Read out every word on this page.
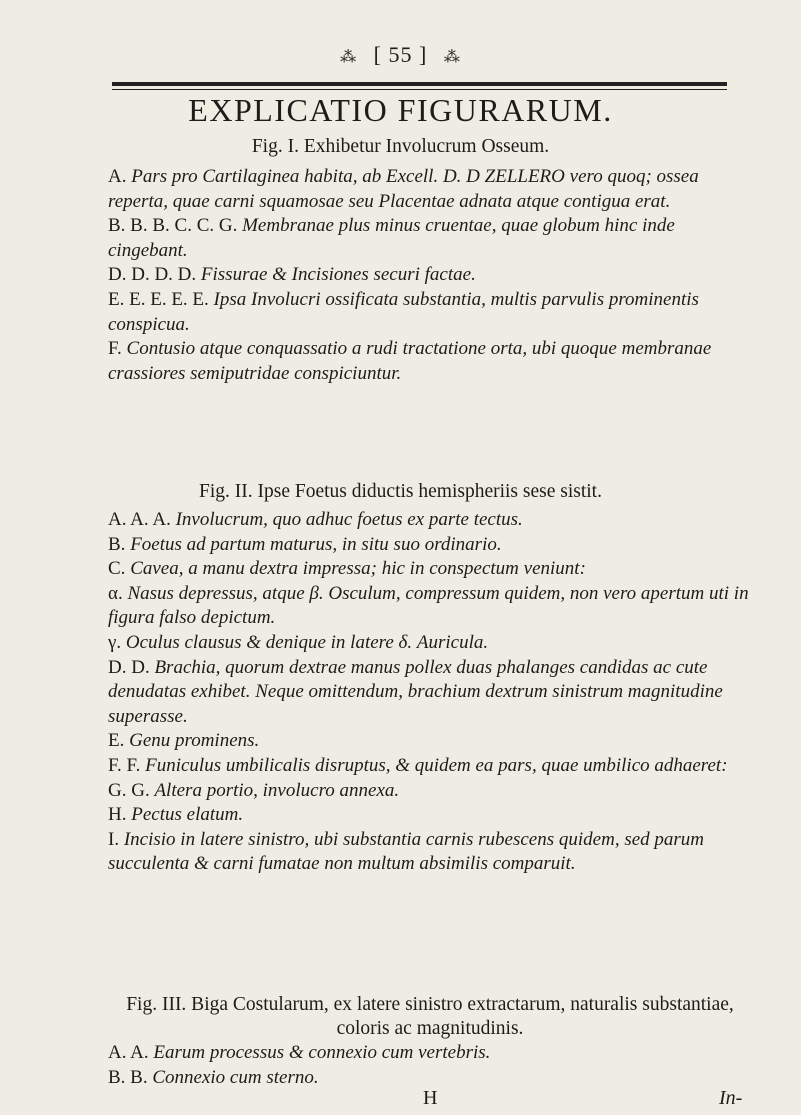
⁂ [ 55 ] ⁂
EXPLICATIO FIGURARUM.
Fig. I. Exhibetur Involucrum Osseum.

A. Pars pro Cartilaginea habita, ab Excell. D. D ZELLERO vero quoq; ossea reperta, quae carni squamosae seu Placentae adnata atque contigua erat.

B. B. B. C. C. G. Membranae plus minus cruentae, quae globum hinc inde cingebant.

D. D. D. D. Fissurae & Incisiones securi factae.

E. E. E. E. E. Ipsa Involucri ossificata substantia, multis parvulis prominentis conspicua.

F. Contusio atque conquassatio a rudi tractatione orta, ubi quoque membranae crassiores semiputridae conspiciuntur.

Fig. II. Ipse Foetus diductis hemispheriis sese sistit.

A. A. A. Involucrum, quo adhuc foetus ex parte tectus.

B. Foetus ad partum maturus, in situ suo ordinario.

C. Cavea, a manu dextra impressa; hic in conspectum veniunt:

α. Nasus depressus, atque β. Osculum, compressum quidem, non vero apertum uti in figura falso depictum.

γ. Oculus clausus & denique in latere δ. Auricula.

D. D. Brachia, quorum dextrae manus pollex duas phalanges candidas ac cute denudatas exhibet. Neque omittendum, brachium dextrum sinistrum magnitudine superasse.

E. Genu prominens.

F. F. Funiculus umbilicalis disruptus, & quidem ea pars, quae umbilico adhaeret:

G. G. Altera portio, involucro annexa.

H. Pectus elatum.

I. Incisio in latere sinistro, ubi substantia carnis rubescens quidem, sed parum succulenta & carni fumatae non multum absimilis comparuit.

Fig. III. Biga Costularum, ex latere sinistro extractarum, naturalis substantiae, coloris ac magnitudinis.

A. A. Earum processus & connexio cum vertebris.

B. B. Connexio cum sterno.

H	In-
